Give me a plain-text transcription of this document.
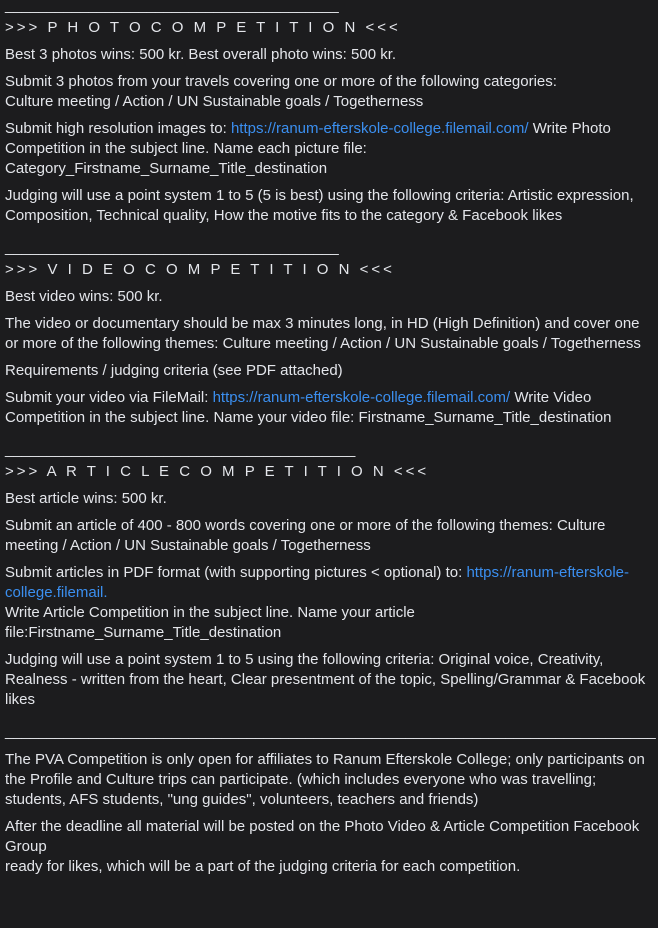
________________________________________
>>> P H O T O C O M P E T I T I O N <<<

Best 3 photos wins: 500 kr. Best overall photo wins: 500 kr.

Submit 3 photos from your travels covering one or more of the following categories:
Culture meeting / Action / UN Sustainable goals / Togetherness

Submit high resolution images to: https://ranum-efterskole-college.filemail.com/ Write Photo Competition in the subject line. Name each picture file: Category_Firstname_Surname_Title_destination

Judging will use a point system 1 to 5 (5 is best) using the following criteria: Artistic expression, Composition, Technical quality, How the motive fits to the category & Facebook likes

________________________________________
>>> V I D E O C O M P E T I T I O N <<<

Best video wins: 500 kr.

The video or documentary should be max 3 minutes long, in HD (High Definition) and cover one or more of the following themes: Culture meeting / Action / UN Sustainable goals / Togetherness

Requirements / judging criteria (see PDF attached)

Submit your video via FileMail: https://ranum-efterskole-college.filemail.com/ Write Video Competition in the subject line. Name your video file: Firstname_Surname_Title_destination

__________________________________________
>>> A R T I C L E C O M P E T I T I O N <<<

Best article wins: 500 kr.

Submit an article of 400 - 800 words covering one or more of the following themes: Culture meeting / Action / UN Sustainable goals / Togetherness

Submit articles in PDF format (with supporting pictures < optional) to: https://ranum-efterskole-college.filemail.
Write Article Competition in the subject line. Name your article file:Firstname_Surname_Title_destination

Judging will use a point system 1 to 5 using the following criteria: Original voice, Creativity, Realness - written from the heart, Clear presentment of the topic, Spelling/Grammar & Facebook likes

______________________________________________________________________________

The PVA Competition is only open for affiliates to Ranum Efterskole College; only participants on the Profile and Culture trips can participate. (which includes everyone who was travelling; students, AFS students, "ung guides", volunteers, teachers and friends)

After the deadline all material will be posted on the Photo Video & Article Competition Facebook Group
ready for likes, which will be a part of the judging criteria for each competition.
